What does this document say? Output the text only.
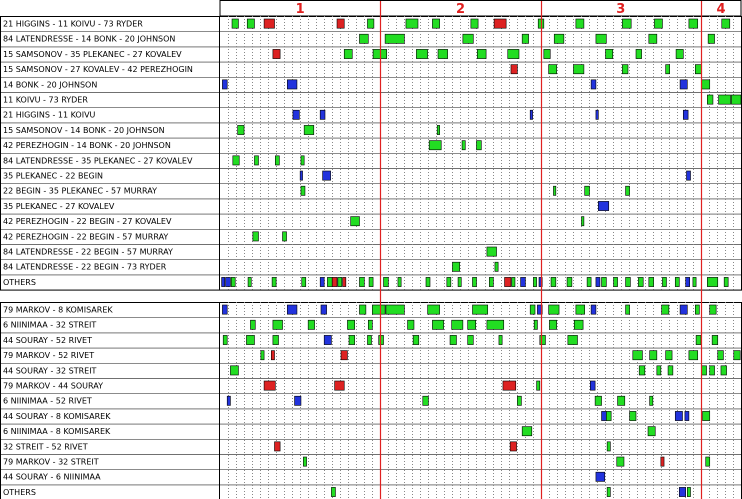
21 HIGGINS - 11 KOIVU - 73 RYDER
84 LATENDRESSE - 14 BONK - 20 JOHNSON
15 SAMSONOV - 35 PLEKANEC - 27 KOVALEV
15 SAMSONOV - 27 KOVALEV - 42 PEREZHOGIN
14 BONK - 20 JOHNSON
11 KOIVU - 73 RYDER
21 HIGGINS - 11 KOIVU
15 SAMSONOV - 14 BONK - 20 JOHNSON
42 PEREZHOGIN - 14 BONK - 20 JOHNSON
84 LATENDRESSE - 35 PLEKANEC - 27 KOVALEV
35 PLEKANEC - 22 BEGIN
22 BEGIN - 35 PLEKANEC - 57 MURRAY
35 PLEKANEC - 27 KOVALEV
42 PEREZHOGIN - 22 BEGIN - 27 KOVALEV
42 PEREZHOGIN - 22 BEGIN - 57 MURRAY
84 LATENDRESSE - 22 BEGIN - 57 MURRAY
84 LATENDRESSE - 22 BEGIN - 73 RYDER
OTHERS
79 MARKOV - 8 KOMISAREK
6 NIINIMAA - 32 STREIT
44 SOURAY - 52 RIVET
79 MARKOV - 52 RIVET
44 SOURAY - 32 STREIT
79 MARKOV - 44 SOURAY
6 NIINIMAA - 52 RIVET
44 SOURAY - 8 KOMISAREK
6 NIINIMAA - 8 KOMISAREK
32 STREIT - 52 RIVET
79 MARKOV - 32 STREIT
44 SOURAY - 6 NIINIMAA
OTHERS
1	2	3	4
